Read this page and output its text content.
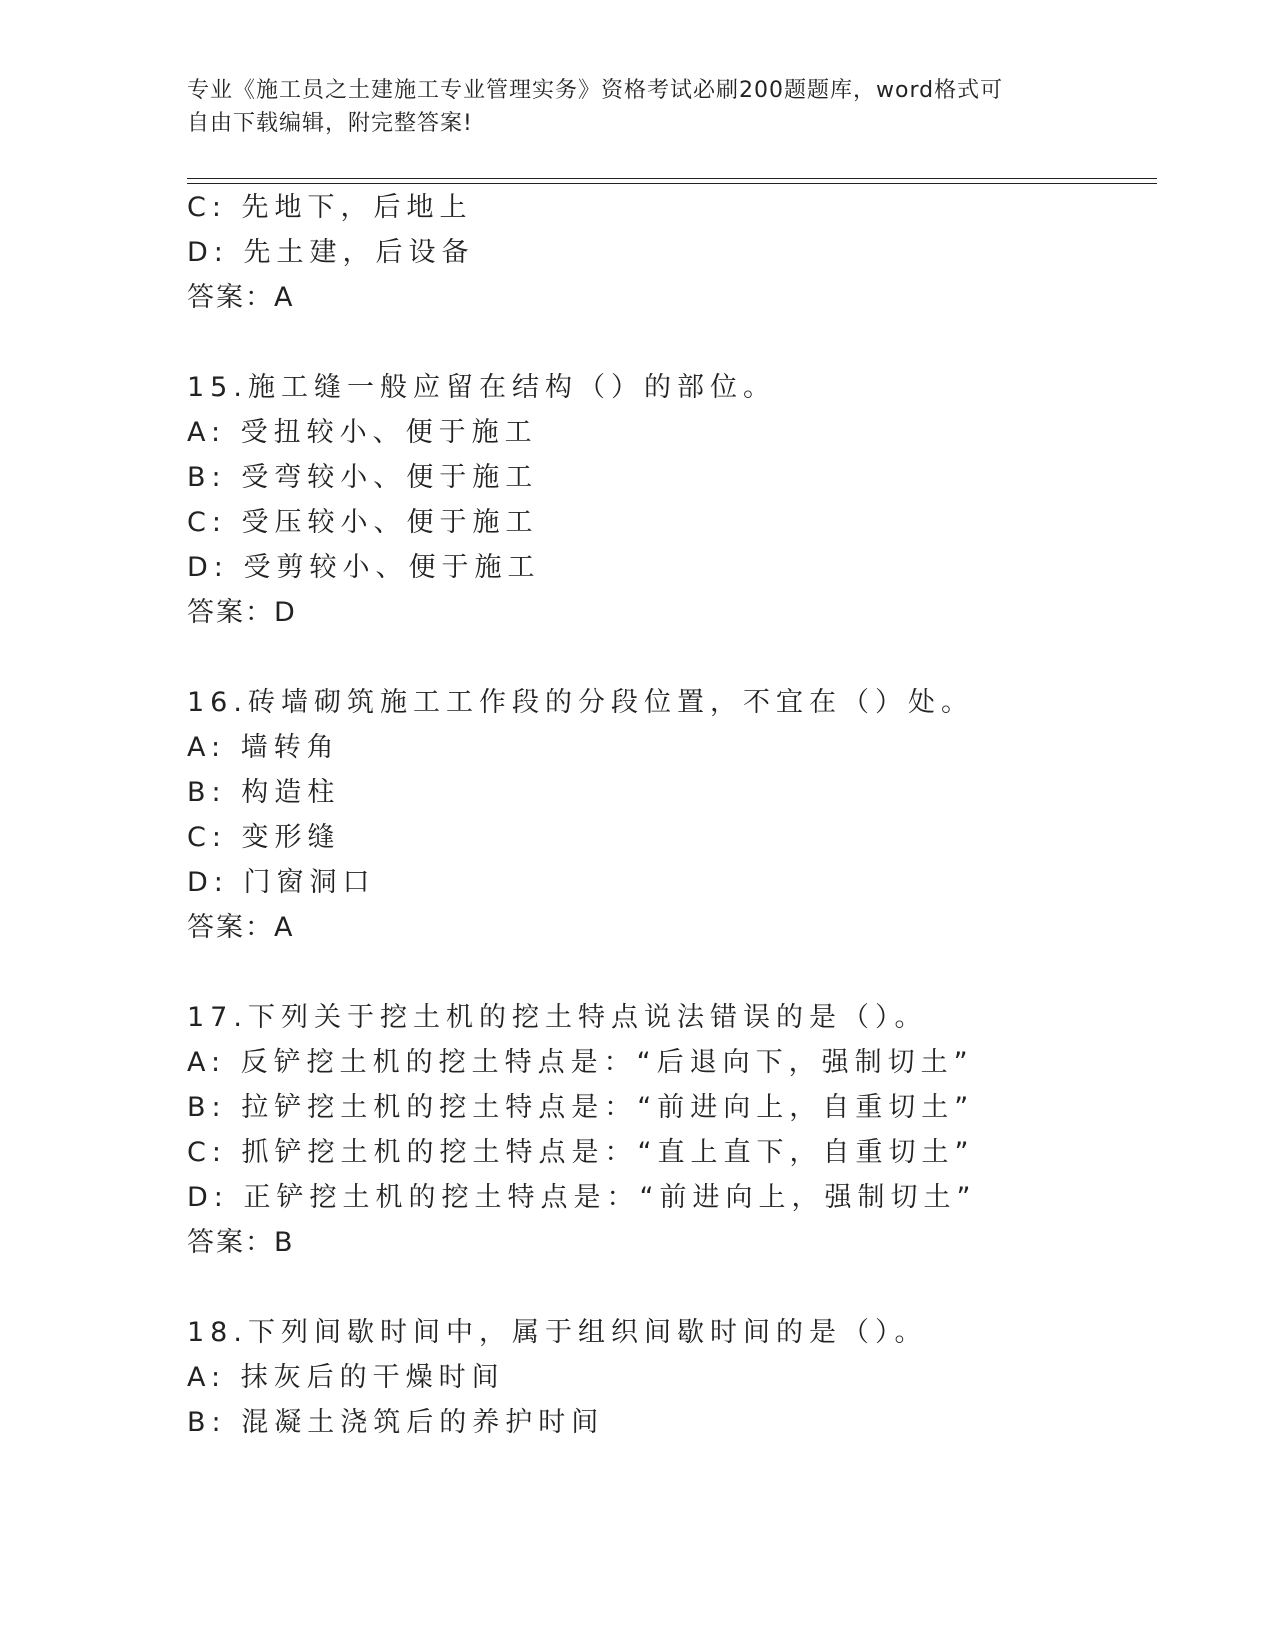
专业《施工员之土建施工专业管理实务》资格考试必刷200题题库，word格式可
自由下载编辑，附完整答案!
C: 先地下，后地上
D: 先土建，后设备
答案：A
15.施工缝一般应留在结构（）的部位。
A: 受扭较小、便于施工
B: 受弯较小、便于施工
C: 受压较小、便于施工
D: 受剪较小、便于施工
答案：D
16.砖墙砌筑施工工作段的分段位置，不宜在（）处。
A: 墙转角
B: 构造柱
C: 变形缝
D: 门窗洞口
答案：A
17.下列关于挖土机的挖土特点说法错误的是（）。
A: 反铲挖土机的挖土特点是：“后退向下，强制切土”
B: 拉铲挖土机的挖土特点是：“前进向上，自重切土”
C: 抓铲挖土机的挖土特点是：“直上直下，自重切土”
D: 正铲挖土机的挖土特点是：“前进向上，强制切土”
答案：B
18.下列间歇时间中，属于组织间歇时间的是（）。
A: 抹灰后的干燥时间
B: 混凝土浇筑后的养护时间
